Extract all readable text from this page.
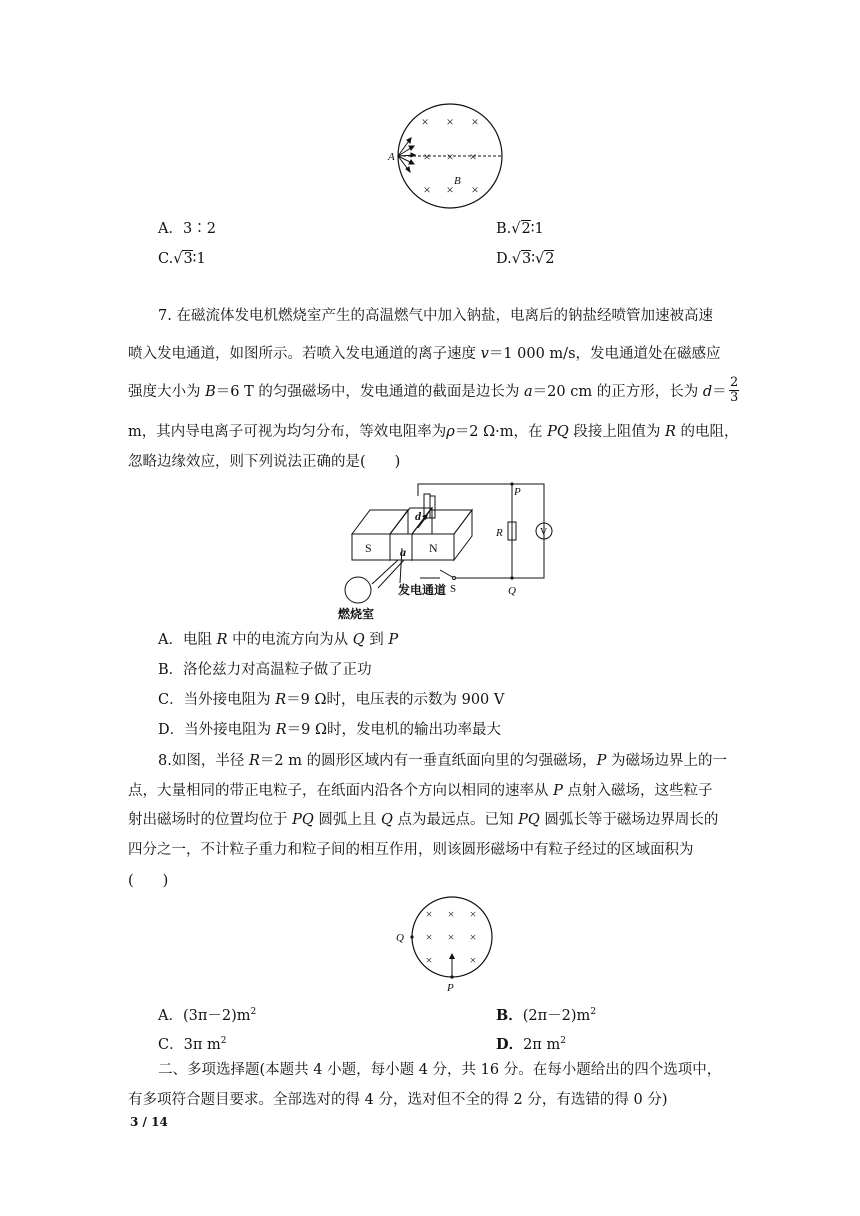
× × ×
× × ×
× × ×
A
B
A．3∶2	B.√2∶1
C.√3∶1	D.√3∶√2
7. 在磁流体发电机燃烧室产生的高温燃气中加入钠盐，电离后的钠盐经喷管加速被高速
喷入发电通道，如图所示。若喷入发电通道的离子速度 v＝1 000 m/s，发电通道处在磁感应
强度大小为 B＝6 T 的匀强磁场中，发电通道的截面是边长为 a＝20 cm 的正方形，长为 $d= \frac{2}{3}$
m，其内导电离子可视为均匀分布，等效电阻率为ρ＝2 Ω·m，在 PQ 段接上阻值为 R 的电阻，
忽略边缘效应，则下列说法正确的是(　　)
S	N
a
d
P
Q
R	V
S
发电通道
燃烧室
A．电阻 R 中的电流方向为从 Q 到 P
B．洛伦兹力对高温粒子做了正功
C．当外接电阻为 R＝9 Ω时，电压表的示数为 900 V
D．当外接电阻为 R＝9 Ω时，发电机的输出功率最大
8.如图，半径 R＝2 m 的圆形区域内有一垂直纸面向里的匀强磁场，P 为磁场边界上的一
点，大量相同的带正电粒子，在纸面内沿各个方向以相同的速率从 P 点射入磁场，这些粒子
射出磁场时的位置均位于 PQ 圆弧上且 Q 点为最远点。已知 PQ 圆弧长等于磁场边界周长的
四分之一，不计粒子重力和粒子间的相互作用，则该圆形磁场中有粒子经过的区域面积为
(　　)
× × ×
× × ×
×	×
Q
P
A．$(3\pi-2)m^2$	B．$(2\pi-2)m^2$
C．3π $m^2$	D．2π $m^2$
二、多项选择题(本题共 4 小题，每小题 4 分，共 16 分。在每小题给出的四个选项中，
有多项符合题目要求。全部选对的得 4 分，选对但不全的得 2 分，有选错的得 0 分)
3 / 14
